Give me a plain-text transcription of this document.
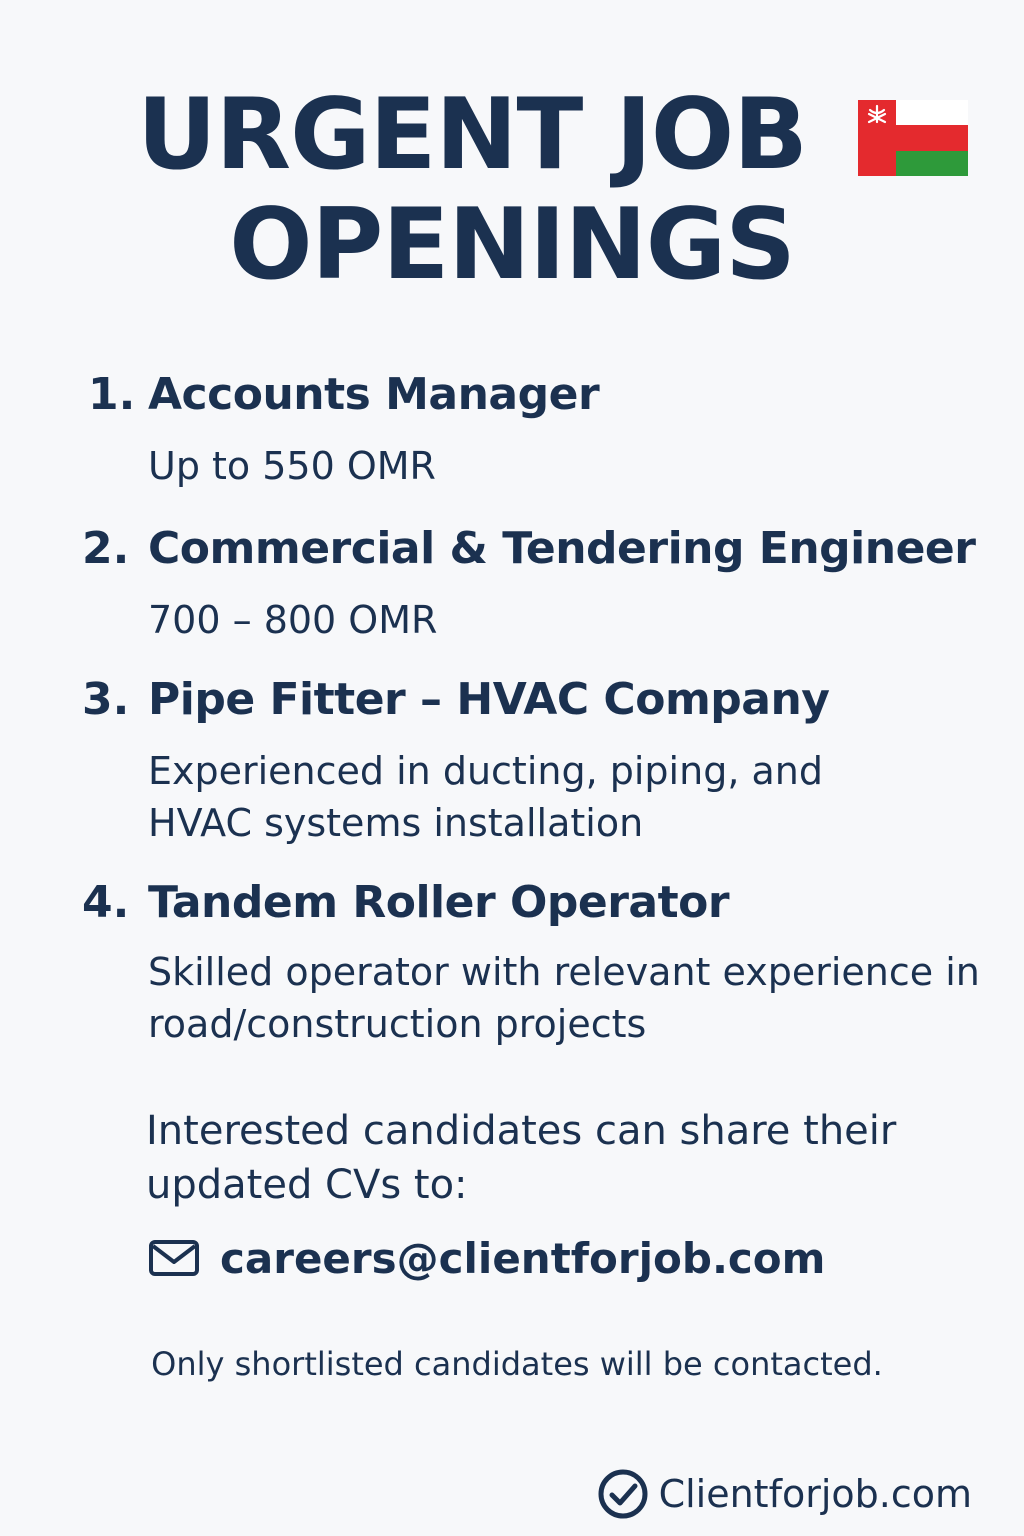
URGENT JOB
OPENINGS
1. Accounts Manager
Up to 550 OMR
2. Commercial & Tendering Engineer
700 – 800 OMR
3. Pipe Fitter – HVAC Company
Experienced in ducting, piping, and HVAC systems installation
4. Tandem Roller Operator
Skilled operator with relevant experience in road/construction projects
Interested candidates can share their updated CVs to:
careers@clientforjob.com
Only shortlisted candidates will be contacted.
Clientforjob.com
